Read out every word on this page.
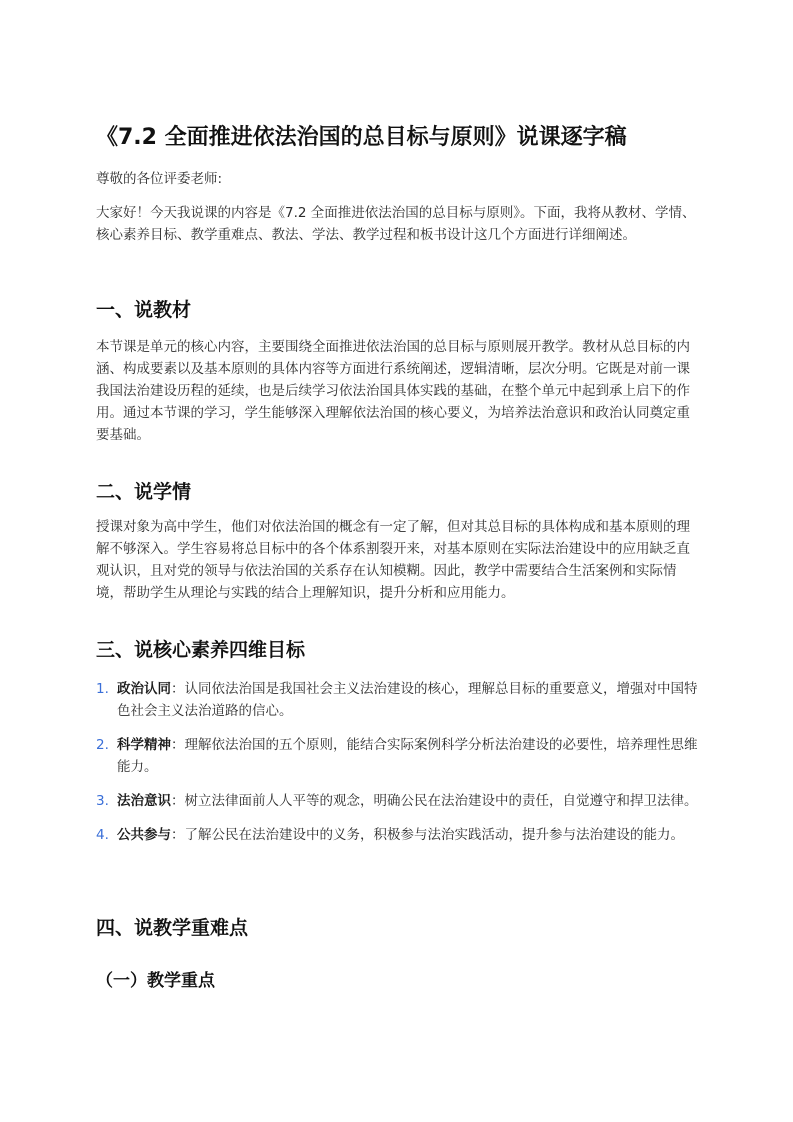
《7.2 全面推进依法治国的总目标与原则》说课逐字稿

尊敬的各位评委老师:

大家好！今天我说课的内容是《7.2 全面推进依法治国的总目标与原则》。下面，我将从教材、学情、核心素养目标、教学重难点、教法、学法、教学过程和板书设计这几个方面进行详细阐述。

一、说教材

本节课是单元的核心内容，主要围绕全面推进依法治国的总目标与原则展开教学。教材从总目标的内涵、构成要素以及基本原则的具体内容等方面进行系统阐述，逻辑清晰，层次分明。它既是对前一课我国法治建设历程的延续，也是后续学习依法治国具体实践的基础，在整个单元中起到承上启下的作用。通过本节课的学习，学生能够深入理解依法治国的核心要义，为培养法治意识和政治认同奠定重要基础。

二、说学情

授课对象为高中学生，他们对依法治国的概念有一定了解，但对其总目标的具体构成和基本原则的理解不够深入。学生容易将总目标中的各个体系割裂开来，对基本原则在实际法治建设中的应用缺乏直观认识，且对党的领导与依法治国的关系存在认知模糊。因此，教学中需要结合生活案例和实际情境，帮助学生从理论与实践的结合上理解知识，提升分析和应用能力。

三、说核心素养四维目标
1. 政治认同：认同依法治国是我国社会主义法治建设的核心，理解总目标的重要意义，增强对中国特色社会主义法治道路的信心。
2. 科学精神：理解依法治国的五个原则，能结合实际案例科学分析法治建设的必要性，培养理性思维能力。
3. 法治意识：树立法律面前人人平等的观念，明确公民在法治建设中的责任，自觉遵守和捍卫法律。
4. 公共参与：了解公民在法治建设中的义务，积极参与法治实践活动，提升参与法治建设的能力。
四、说教学重难点
（一）教学重点
